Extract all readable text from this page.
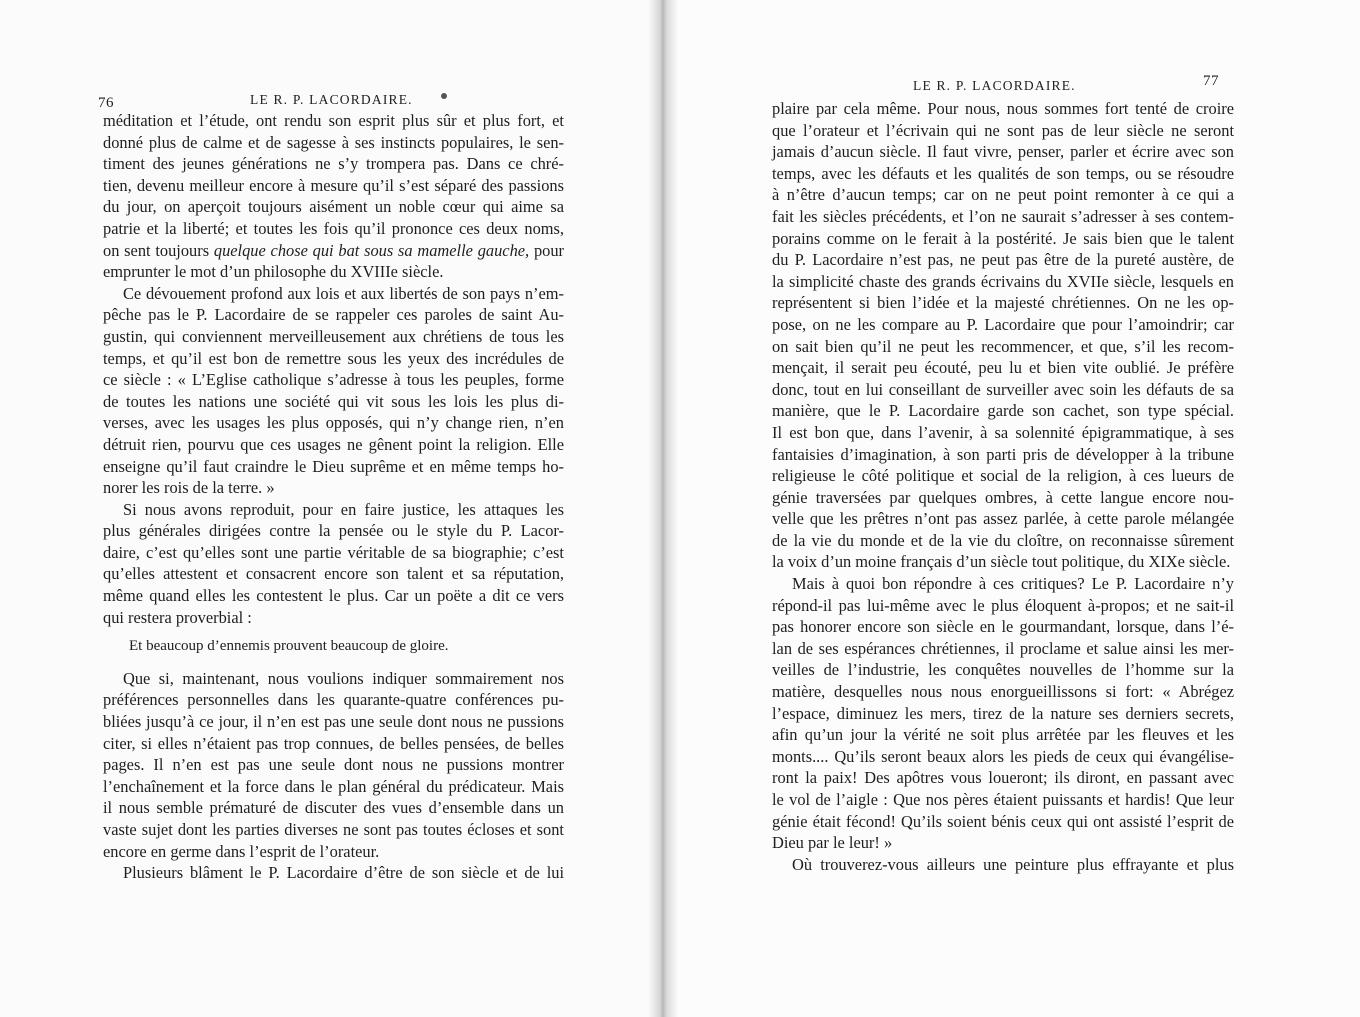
76	LE R. P. LACORDAIRE.
méditation et l’étude, ont rendu son esprit plus sûr et plus fort, et
donné plus de calme et de sagesse à ses instincts populaires, le sen-
timent des jeunes générations ne s’y trompera pas. Dans ce chré-
tien, devenu meilleur encore à mesure qu’il s’est séparé des passions
du jour, on aperçoit toujours aisément un noble cœur qui aime sa
patrie et la liberté; et toutes les fois qu’il prononce ces deux noms,
on sent toujours quelque chose qui bat sous sa mamelle gauche, pour
emprunter le mot d’un philosophe du XVIIIe siècle.
Ce dévouement profond aux lois et aux libertés de son pays n’em-
pêche pas le P. Lacordaire de se rappeler ces paroles de saint Au-
gustin, qui conviennent merveilleusement aux chrétiens de tous les
temps, et qu’il est bon de remettre sous les yeux des incrédules de
ce siècle : « L’Eglise catholique s’adresse à tous les peuples, forme
de toutes les nations une société qui vit sous les lois les plus di-
verses, avec les usages les plus opposés, qui n’y change rien, n’en
détruit rien, pourvu que ces usages ne gênent point la religion. Elle
enseigne qu’il faut craindre le Dieu suprême et en même temps ho-
norer les rois de la terre. »
Si nous avons reproduit, pour en faire justice, les attaques les
plus générales dirigées contre la pensée ou le style du P. Lacor-
daire, c’est qu’elles sont une partie véritable de sa biographie; c’est
qu’elles attestent et consacrent encore son talent et sa réputation,
même quand elles les contestent le plus. Car un poëte a dit ce vers
qui restera proverbial :
Et beaucoup d’ennemis prouvent beaucoup de gloire.
Que si, maintenant, nous voulions indiquer sommairement nos
préférences personnelles dans les quarante-quatre conférences pu-
bliées jusqu’à ce jour, il n’en est pas une seule dont nous ne pussions
citer, si elles n’étaient pas trop connues, de belles pensées, de belles
pages. Il n’en est pas une seule dont nous ne pussions montrer
l’enchaînement et la force dans le plan général du prédicateur. Mais
il nous semble prématuré de discuter des vues d’ensemble dans un
vaste sujet dont les parties diverses ne sont pas toutes écloses et sont
encore en germe dans l’esprit de l’orateur.
Plusieurs blâment le P. Lacordaire d’être de son siècle et de lui
LE R. P. LACORDAIRE.	77
plaire par cela même. Pour nous, nous sommes fort tenté de croire
que l’orateur et l’écrivain qui ne sont pas de leur siècle ne seront
jamais d’aucun siècle. Il faut vivre, penser, parler et écrire avec son
temps, avec les défauts et les qualités de son temps, ou se résoudre
à n’être d’aucun temps; car on ne peut point remonter à ce qui a
fait les siècles précédents, et l’on ne saurait s’adresser à ses contem-
porains comme on le ferait à la postérité. Je sais bien que le talent
du P. Lacordaire n’est pas, ne peut pas être de la pureté austère, de
la simplicité chaste des grands écrivains du XVIIe siècle, lesquels en
représentent si bien l’idée et la majesté chrétiennes. On ne les op-
pose, on ne les compare au P. Lacordaire que pour l’amoindrir; car
on sait bien qu’il ne peut les recommencer, et que, s’il les recom-
mençait, il serait peu écouté, peu lu et bien vite oublié. Je préfère
donc, tout en lui conseillant de surveiller avec soin les défauts de sa
manière, que le P. Lacordaire garde son cachet, son type spécial.
Il est bon que, dans l’avenir, à sa solennité épigrammatique, à ses
fantaisies d’imagination, à son parti pris de développer à la tribune
religieuse le côté politique et social de la religion, à ces lueurs de
génie traversées par quelques ombres, à cette langue encore nou-
velle que les prêtres n’ont pas assez parlée, à cette parole mélangée
de la vie du monde et de la vie du cloître, on reconnaisse sûrement
la voix d’un moine français d’un siècle tout politique, du XIXe siècle.
Mais à quoi bon répondre à ces critiques? Le P. Lacordaire n’y
répond-il pas lui-même avec le plus éloquent à-propos; et ne sait-il
pas honorer encore son siècle en le gourmandant, lorsque, dans l’é-
lan de ses espérances chrétiennes, il proclame et salue ainsi les mer-
veilles de l’industrie, les conquêtes nouvelles de l’homme sur la
matière, desquelles nous nous enorgueillissons si fort: « Abrégez
l’espace, diminuez les mers, tirez de la nature ses derniers secrets,
afin qu’un jour la vérité ne soit plus arrêtée par les fleuves et les
monts.... Qu’ils seront beaux alors les pieds de ceux qui évangélise-
ront la paix! Des apôtres vous loueront; ils diront, en passant avec
le vol de l’aigle : Que nos pères étaient puissants et hardis! Que leur
génie était fécond! Qu’ils soient bénis ceux qui ont assisté l’esprit de
Dieu par le leur! »
Où trouverez-vous ailleurs une peinture plus effrayante et plus
